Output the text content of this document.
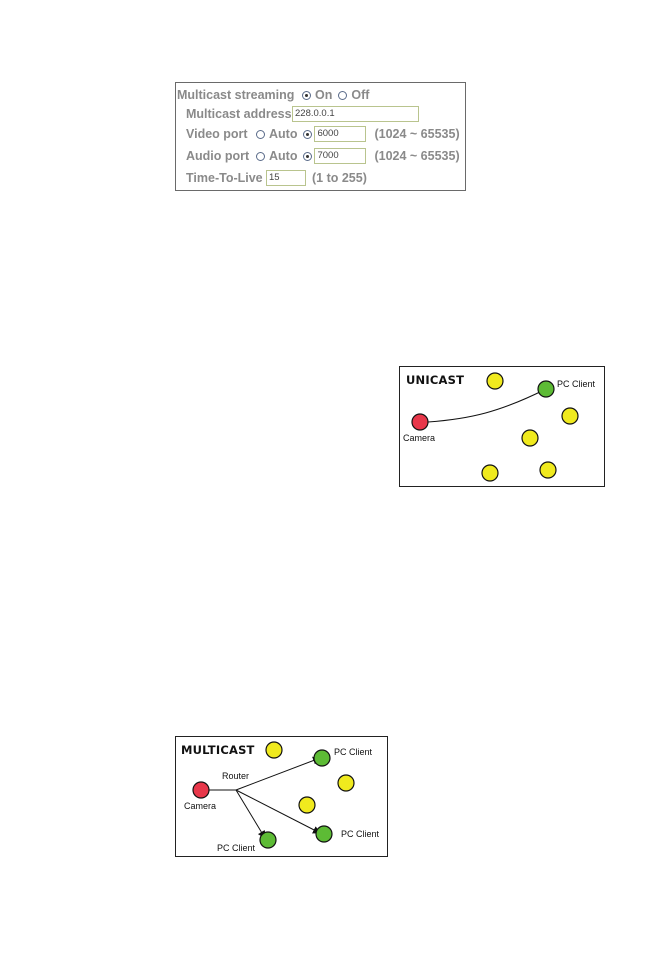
Multicast streaming	On Off
Multicast address 228.0.0.1
Video port	Auto	6000	(1024 ~ 65535)
Audio port	Auto	7000	(1024 ~ 65535)
Time-To-Live 15	(1 to 255)
UNICAST	PC Client
Camera
MULTICAST
Router
Camera
PC Client
PC Client
PC Client
